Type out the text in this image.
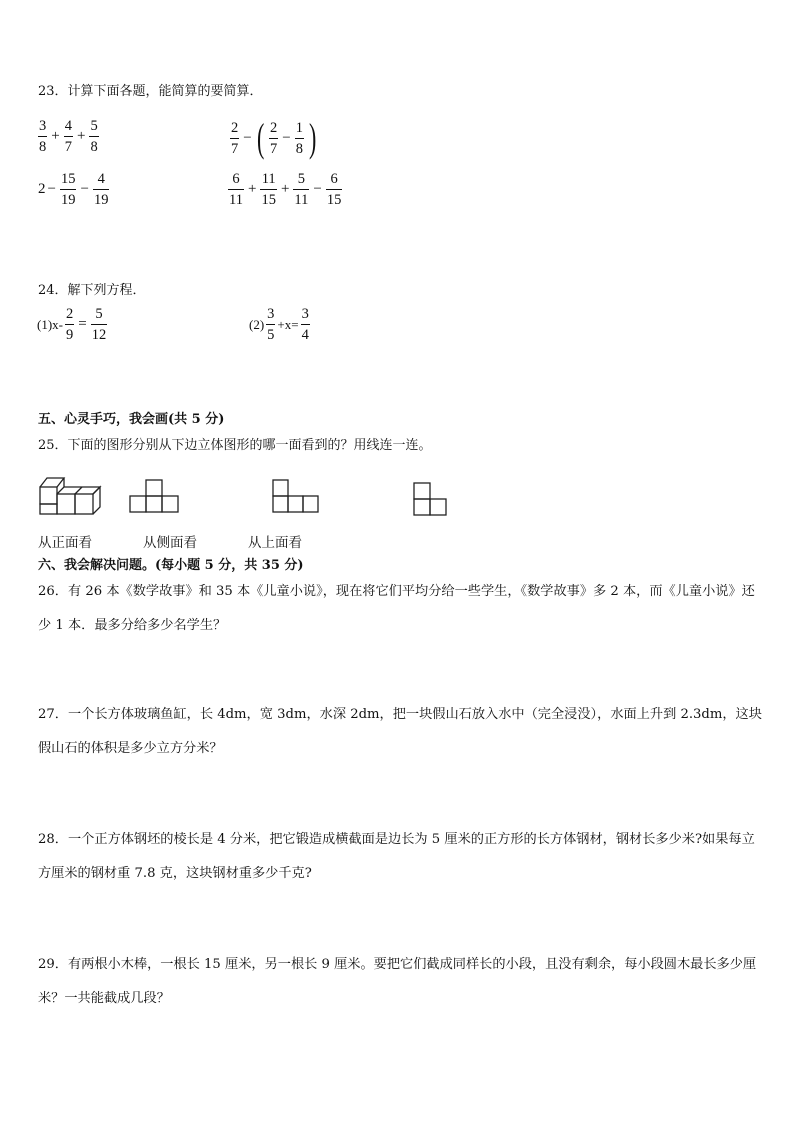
23．计算下面各题，能简算的要简算．
$\frac{3}{8} + \frac{4}{7} + \frac{5}{8}$	$\frac{2}{7}$ − ( $\frac{2}{7} - \frac{1}{8}$ )
$2 - \frac{15}{19} - \frac{4}{19}$	$\frac{6}{11} + \frac{11}{15} + \frac{5}{11} - \frac{6}{15}$
24．解下列方程．
$(1)x- \frac{2}{9} = \frac{5}{12}$	$(2) \frac{3}{5} +x= \frac{3}{4}$
五、心灵手巧，我会画(共 5 分)
25．下面的图形分别从下边立体图形的哪一面看到的？用线连一连。
从正面看	从侧面看	从上面看
六、我会解决问题。(每小题 5 分，共 35 分)
26．有 26 本《数学故事》和 35 本《儿童小说》，现在将它们平均分给一些学生，《数学故事》多 2 本，而《儿童小说》还少 1 本．最多分给多少名学生？
27．一个长方体玻璃鱼缸，长 4dm，宽 3dm，水深 2dm，把一块假山石放入水中（完全浸没），水面上升到 2.3dm，这块假山石的体积是多少立方分米？
28．一个正方体钢坯的棱长是 4 分米，把它锻造成横截面是边长为 5 厘米的正方形的长方体钢材，钢材长多少米?如果每立方厘米的钢材重 7.8 克，这块钢材重多少千克?
29．有两根小木棒，一根长 15 厘米，另一根长 9 厘米。要把它们截成同样长的小段，且没有剩余，每小段圆木最长多少厘米？一共能截成几段？
